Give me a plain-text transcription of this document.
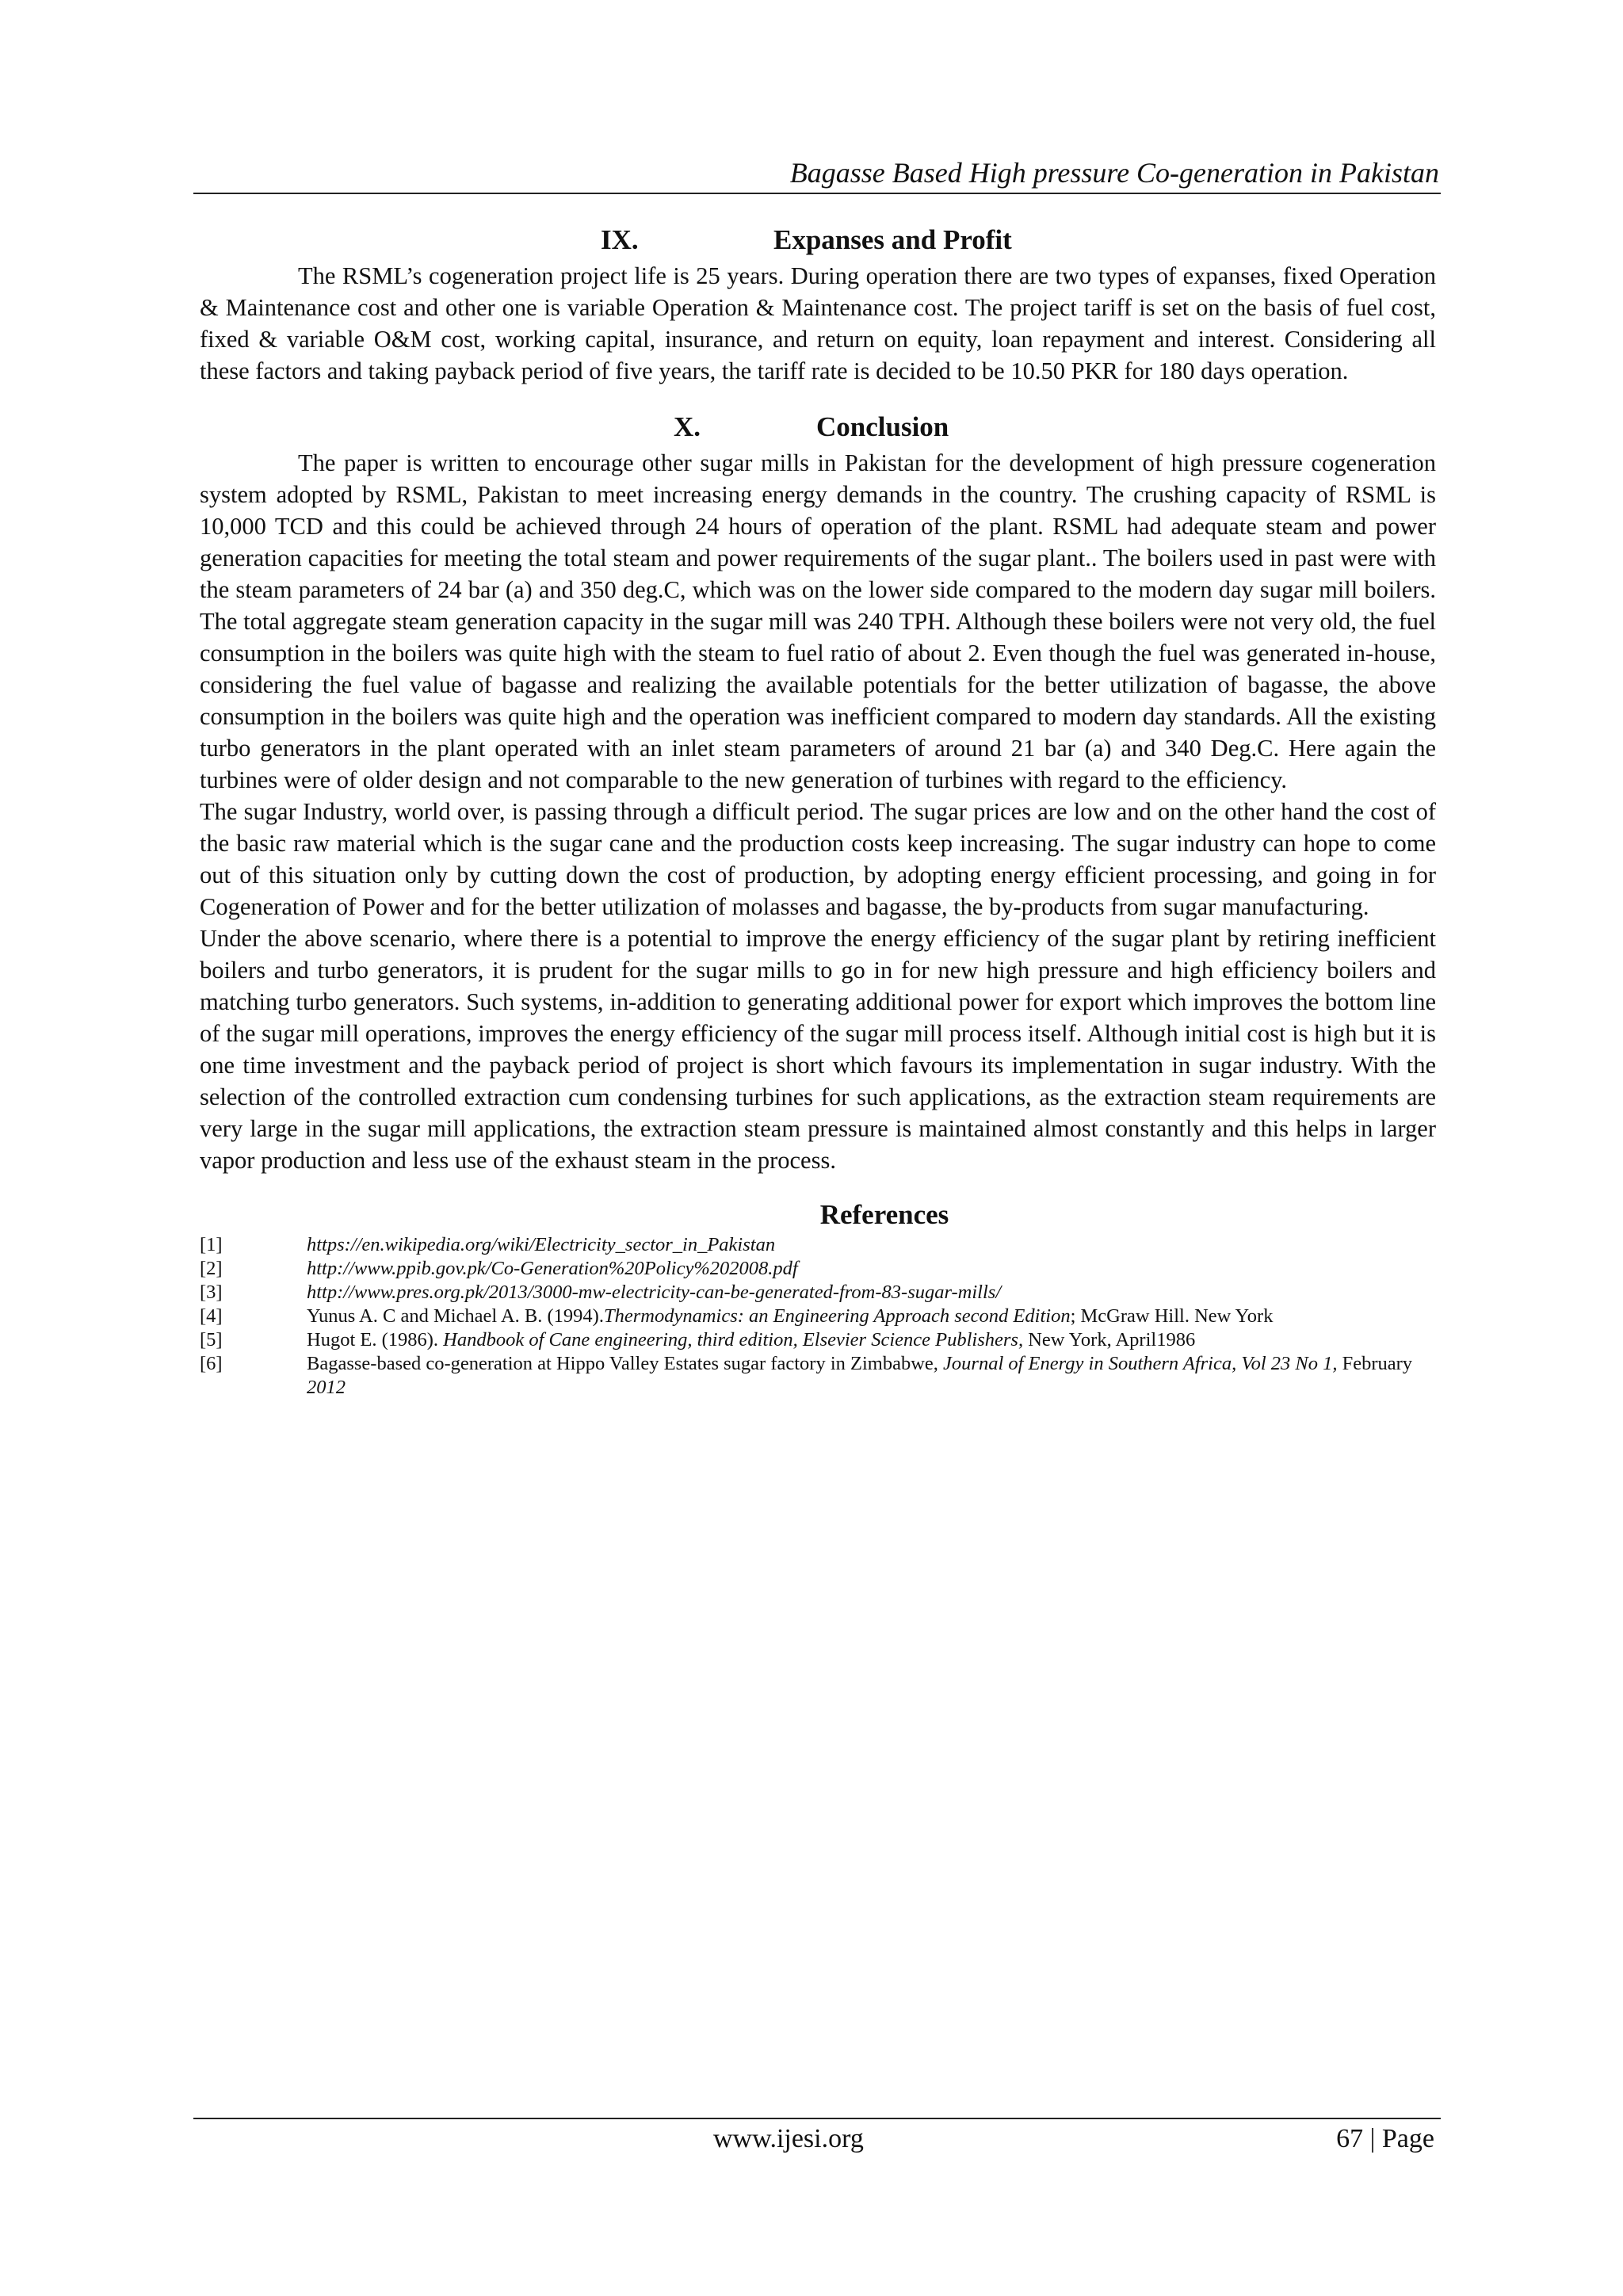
Bagasse Based High pressure Co-generation in Pakistan
IX.	Expanses and Profit

The RSML’s cogeneration project life is 25 years. During operation there are two types of expanses, fixed Operation & Maintenance cost and other one is variable Operation & Maintenance cost. The project tariff is set on the basis of fuel cost, fixed & variable O&M cost, working capital, insurance, and return on equity, loan repayment and interest. Considering all these factors and taking payback period of five years, the tariff rate is decided to be 10.50 PKR for 180 days operation.

X.	Conclusion

The paper is written to encourage other sugar mills in Pakistan for the development of high pressure cogeneration system adopted by RSML, Pakistan to meet increasing energy demands in the country. The crushing capacity of RSML is 10,000 TCD and this could be achieved through 24 hours of operation of the plant. RSML had adequate steam and power generation capacities for meeting the total steam and power requirements of the sugar plant.. The boilers used in past were with the steam parameters of 24 bar (a) and 350 deg.C, which was on the lower side compared to the modern day sugar mill boilers. The total aggregate steam generation capacity in the sugar mill was 240 TPH. Although these boilers were not very old, the fuel consumption in the boilers was quite high with the steam to fuel ratio of about 2. Even though the fuel was generated in-house, considering the fuel value of bagasse and realizing the available potentials for the better utilization of bagasse, the above consumption in the boilers was quite high and the operation was inefficient compared to modern day standards. All the existing turbo generators in the plant operated with an inlet steam parameters of around 21 bar (a) and 340 Deg.C. Here again the turbines were of older design and not comparable to the new generation of turbines with regard to the efficiency.

The sugar Industry, world over, is passing through a difficult period. The sugar prices are low and on the other hand the cost of the basic raw material which is the sugar cane and the production costs keep increasing. The sugar industry can hope to come out of this situation only by cutting down the cost of production, by adopting energy efficient processing, and going in for Cogeneration of Power and for the better utilization of molasses and bagasse, the by-products from sugar manufacturing.

Under the above scenario, where there is a potential to improve the energy efficiency of the sugar plant by retiring inefficient boilers and turbo generators, it is prudent for the sugar mills to go in for new high pressure and high efficiency boilers and matching turbo generators. Such systems, in-addition to generating additional power for export which improves the bottom line of the sugar mill operations, improves the energy efficiency of the sugar mill process itself. Although initial cost is high but it is one time investment and the payback period of project is short which favours its implementation in sugar industry. With the selection of the controlled extraction cum condensing turbines for such applications, as the extraction steam requirements are very large in the sugar mill applications, the extraction steam pressure is maintained almost constantly and this helps in larger vapor production and less use of the exhaust steam in the process.

References
[1]	https://en.wikipedia.org/wiki/Electricity_sector_in_Pakistan
[2]	http://www.ppib.gov.pk/Co-Generation%20Policy%202008.pdf
[3]	http://www.pres.org.pk/2013/3000-mw-electricity-can-be-generated-from-83-sugar-mills/
[4]	Yunus A. C and Michael A. B. (1994).Thermodynamics: an Engineering Approach second Edition; McGraw Hill. New York
[5]	Hugot E. (1986). Handbook of Cane engineering, third edition, Elsevier Science Publishers, New York, April1986
[6]	Bagasse-based co-generation at Hippo Valley Estates sugar factory in Zimbabwe, Journal of Energy in Southern Africa, Vol 23 No 1, February 2012
www.ijesi.org	67 | Page
